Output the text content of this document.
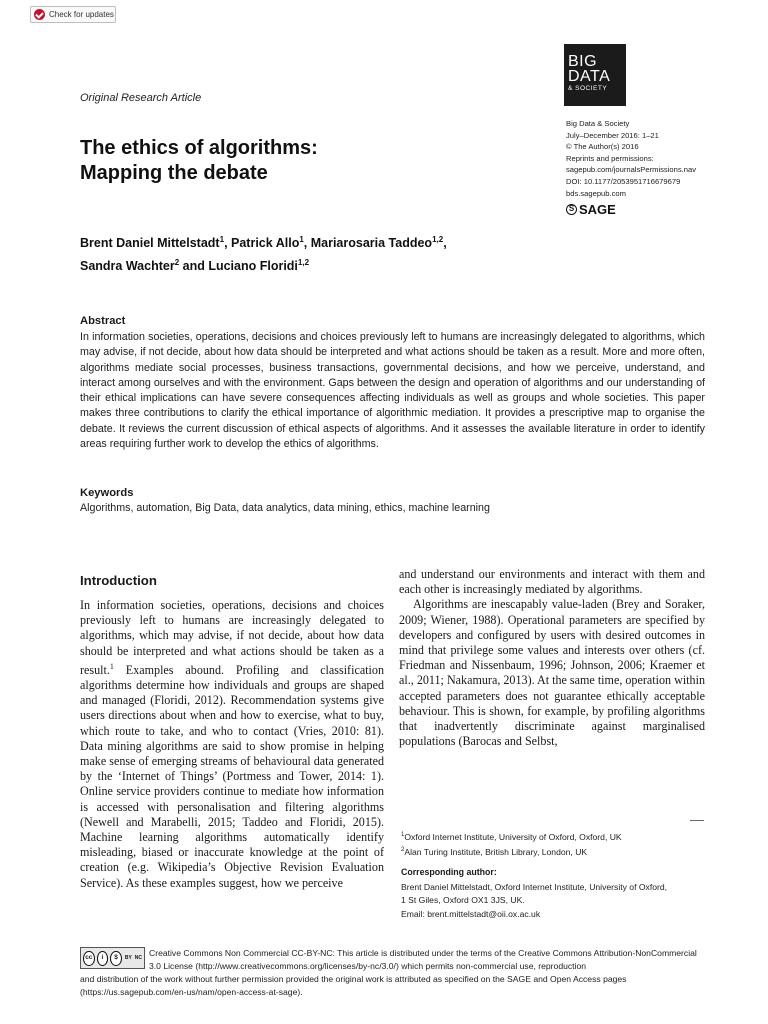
Check for updates
Original Research Article
BIG
DATA
& SOCIETY
Big Data & Society
July–December 2016: 1–21
© The Author(s) 2016
Reprints and permissions:
sagepub.com/journalsPermissions.nav
DOI: 10.1177/2053951716679679
bds.sagepub.com
S SAGE
The ethics of algorithms:
Mapping the debate
Brent Daniel Mittelstadt$^1$, Patrick Allo$^1$, Mariarosaria Taddeo$^{1,2}$,
Sandra Wachter$^2$ and Luciano Floridi$^{1,2}$
Abstract
In information societies, operations, decisions and choices previously left to humans are increasingly delegated to algorithms, which may advise, if not decide, about how data should be interpreted and what actions should be taken as a result. More and more often, algorithms mediate social processes, business transactions, governmental decisions, and how we perceive, understand, and interact among ourselves and with the environment. Gaps between the design and operation of algorithms and our understanding of their ethical implications can have severe consequences affecting individuals as well as groups and whole societies. This paper makes three contributions to clarify the ethical importance of algorithmic mediation. It provides a prescriptive map to organise the debate. It reviews the current discussion of ethical aspects of algorithms. And it assesses the available literature in order to identify areas requiring further work to develop the ethics of algorithms.
Keywords
Algorithms, automation, Big Data, data analytics, data mining, ethics, machine learning
Introduction

In information societies, operations, decisions and choices previously left to humans are increasingly delegated to algorithms, which may advise, if not decide, about how data should be interpreted and what actions should be taken as a result.$^1$ Examples abound. Profiling and classification algorithms determine how individuals and groups are shaped and managed (Floridi, 2012). Recommendation systems give users directions about when and how to exercise, what to buy, which route to take, and who to contact (Vries, 2010: 81). Data mining algorithms are said to show promise in helping make sense of emerging streams of behavioural data generated by the ‘Internet of Things’ (Portmess and Tower, 2014: 1). Online service providers continue to mediate how information is accessed with personalisation and filtering algorithms (Newell and Marabelli, 2015; Taddeo and Floridi, 2015). Machine learning algorithms automatically identify misleading, biased or inaccurate knowledge at the point of creation (e.g. Wikipedia’s Objective Revision Evaluation Service). As these examples suggest, how we perceive

and understand our environments and interact with them and each other is increasingly mediated by algorithms.

Algorithms are inescapably value-laden (Brey and Soraker, 2009; Wiener, 1988). Operational parameters are specified by developers and configured by users with desired outcomes in mind that privilege some values and interests over others (cf. Friedman and Nissenbaum, 1996; Johnson, 2006; Kraemer et al., 2011; Nakamura, 2013). At the same time, operation within accepted parameters does not guarantee ethically acceptable behaviour. This is shown, for example, by profiling algorithms that inadvertently discriminate against marginalised populations (Barocas and Selbst,

$^1$Oxford Internet Institute, University of Oxford, Oxford, UK
$^2$Alan Turing Institute, British Library, London, UK
Corresponding author:
Brent Daniel Mittelstadt, Oxford Internet Institute, University of Oxford,
1 St Giles, Oxford OX1 3JS, UK.
Email: brent.mittelstadt@oii.ox.ac.uk
cc	i	$	BY NC Creative Commons Non Commercial CC-BY-NC: This article is distributed under the terms of the Creative Commons Attribution-NonCommercial 3.0 License (http://www.creativecommons.org/licenses/by-nc/3.0/) which permits non-commercial use, reproduction
and distribution of the work without further permission provided the original work is attributed as specified on the SAGE and Open Access pages (https://us.sagepub.com/en-us/nam/open-access-at-sage).
